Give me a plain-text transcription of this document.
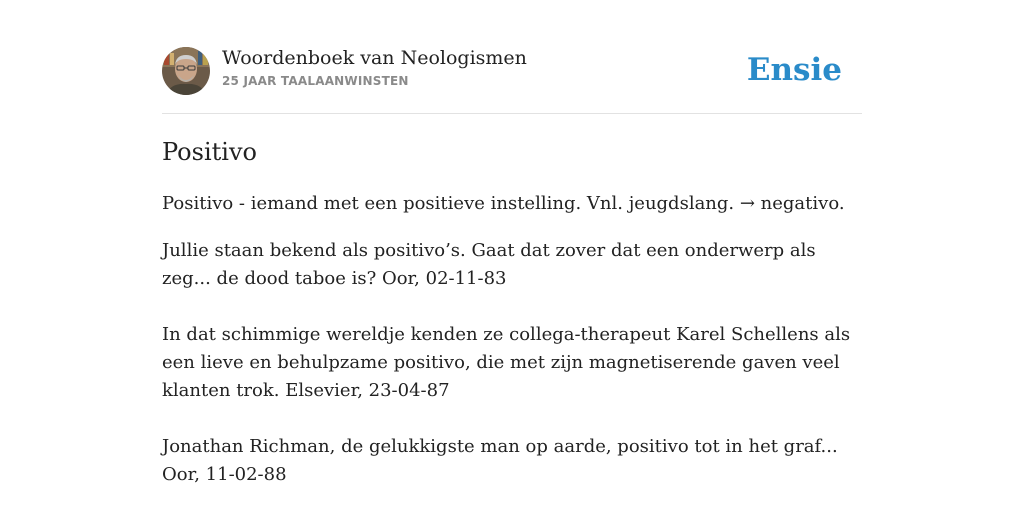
Woordenboek van Neologismen
25 JAAR TAALAANWINSTEN	Ensie
Positivo

Positivo - iemand met een positieve instelling. Vnl. jeugdslang. → negativo.

Jullie staan bekend als positivo’s. Gaat dat zover dat een onderwerp als zeg... de dood taboe is? Oor, 02-11-83

In dat schimmige wereldje kenden ze collega-therapeut Karel Schellens als een lieve en behulpzame positivo, die met zijn magnetiserende gaven veel klanten trok. Elsevier, 23-04-87

Jonathan Richman, de gelukkigste man op aarde, positivo tot in het graf... Oor, 11-02-88
